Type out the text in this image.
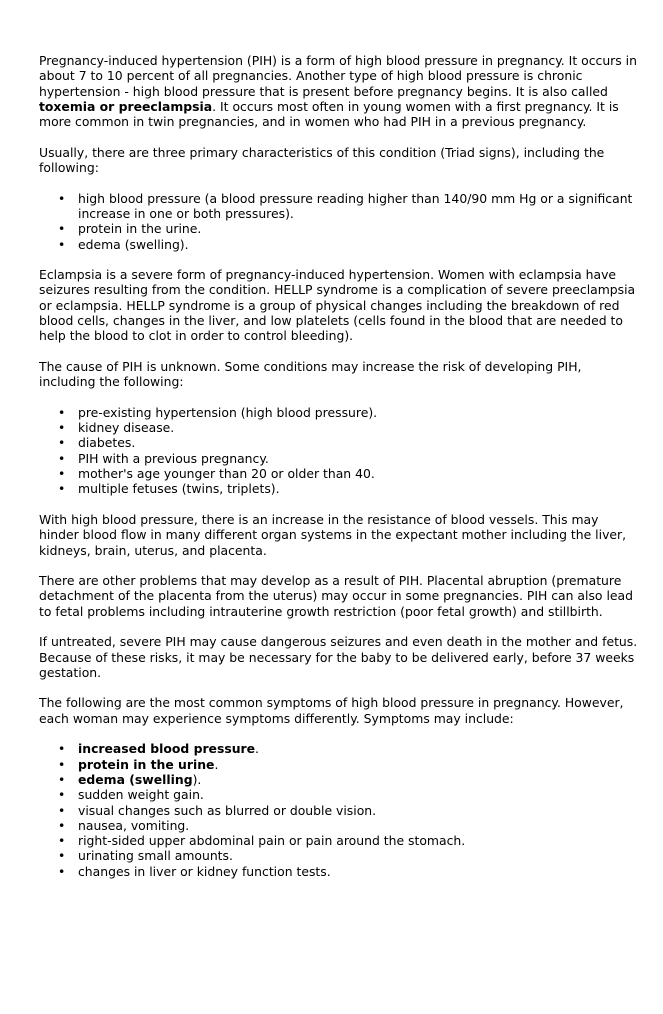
Pregnancy-induced hypertension (PIH) is a form of high blood pressure in pregnancy. It occurs in about 7 to 10 percent of all pregnancies. Another type of high blood pressure is chronic hypertension - high blood pressure that is present before pregnancy begins. It is also called toxemia or preeclampsia. It occurs most often in young women with a first pregnancy. It is more common in twin pregnancies, and in women who had PIH in a previous pregnancy.

Usually, there are three primary characteristics of this condition (Triad signs), including the following:

• high blood pressure (a blood pressure reading higher than 140/90 mm Hg or a significant increase in one or both pressures).
• protein in the urine.
• edema (swelling).

Eclampsia is a severe form of pregnancy-induced hypertension. Women with eclampsia have seizures resulting from the condition. HELLP syndrome is a complication of severe preeclampsia or eclampsia. HELLP syndrome is a group of physical changes including the breakdown of red blood cells, changes in the liver, and low platelets (cells found in the blood that are needed to help the blood to clot in order to control bleeding).

The cause of PIH is unknown. Some conditions may increase the risk of developing PIH, including the following:

• pre-existing hypertension (high blood pressure).
• kidney disease.
• diabetes.
• PIH with a previous pregnancy.
• mother's age younger than 20 or older than 40.
• multiple fetuses (twins, triplets).

With high blood pressure, there is an increase in the resistance of blood vessels. This may hinder blood flow in many different organ systems in the expectant mother including the liver, kidneys, brain, uterus, and placenta.

There are other problems that may develop as a result of PIH. Placental abruption (premature detachment of the placenta from the uterus) may occur in some pregnancies. PIH can also lead to fetal problems including intrauterine growth restriction (poor fetal growth) and stillbirth.

If untreated, severe PIH may cause dangerous seizures and even death in the mother and fetus. Because of these risks, it may be necessary for the baby to be delivered early, before 37 weeks gestation.

The following are the most common symptoms of high blood pressure in pregnancy. However, each woman may experience symptoms differently. Symptoms may include:

• increased blood pressure.
• protein in the urine.
• edema (swelling).
• sudden weight gain.
• visual changes such as blurred or double vision.
• nausea, vomiting.
• right-sided upper abdominal pain or pain around the stomach.
• urinating small amounts.
• changes in liver or kidney function tests.
